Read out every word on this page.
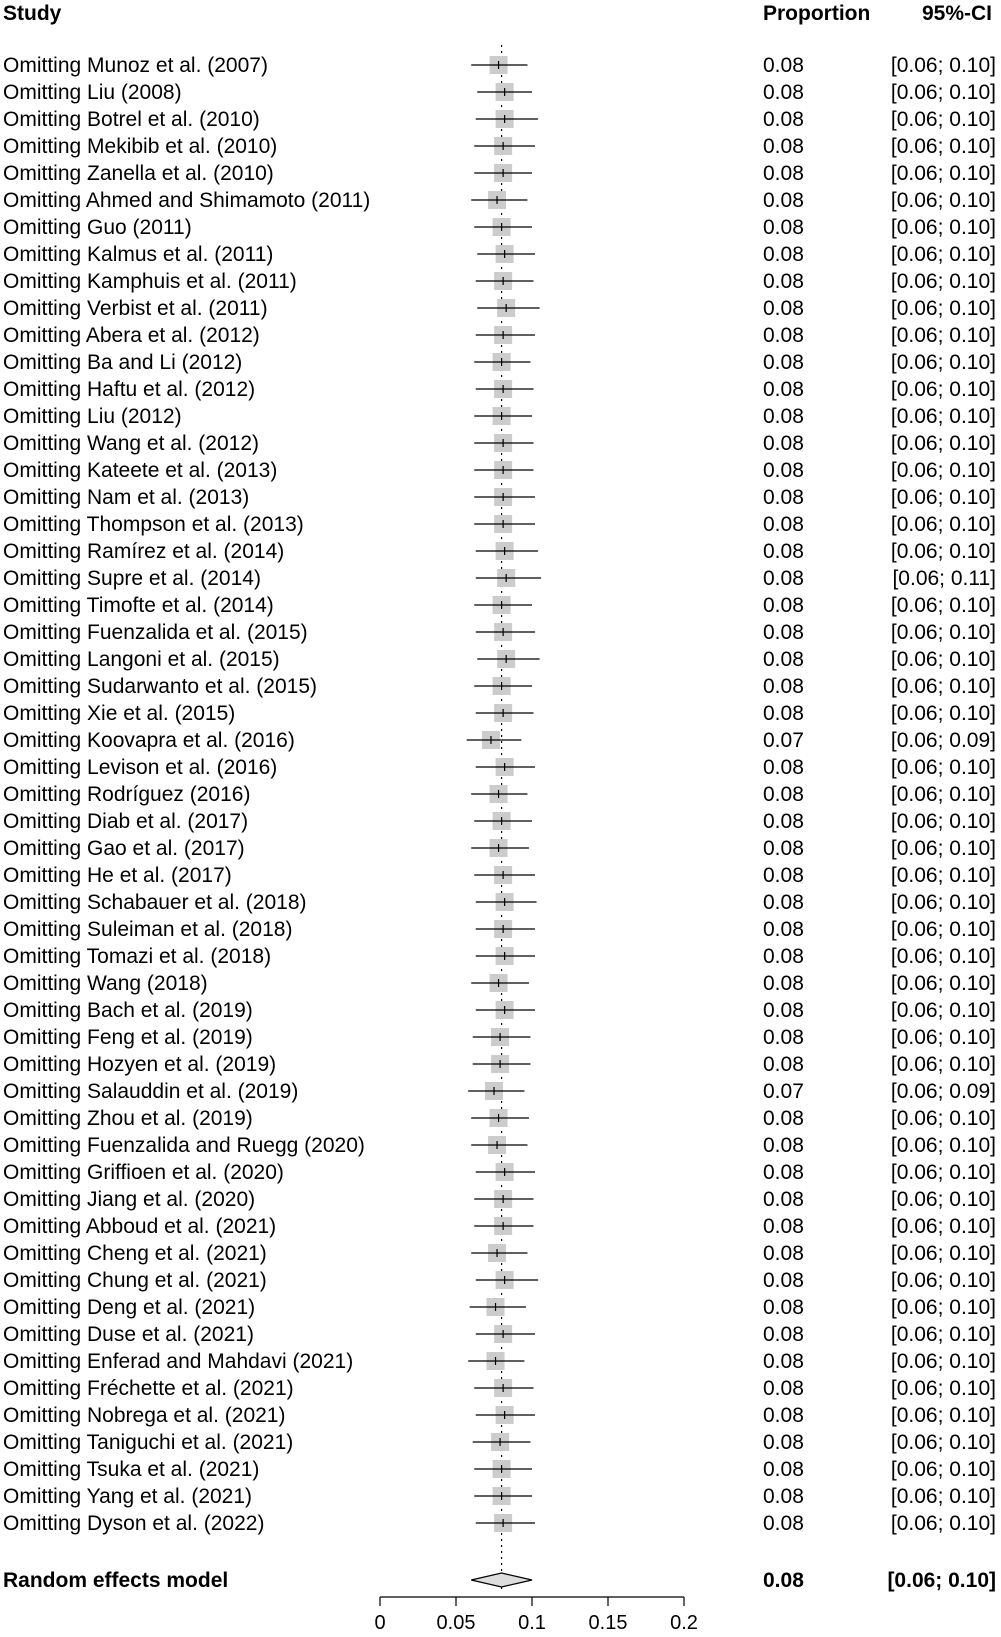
Study	Proportion 95%-CI
Omitting Munoz et al. (2007)	0.08	[0.06; 0.10]
Omitting Liu (2008)	0.08	[0.06; 0.10]
Omitting Botrel et al. (2010)	0.08	[0.06; 0.10]
Omitting Mekibib et al. (2010)	0.08	[0.06; 0.10]
Omitting Zanella et al. (2010)	0.08	[0.06; 0.10]
Omitting Ahmed and Shimamoto (2011)	0.08	[0.06; 0.10]
Omitting Guo (2011)	0.08	[0.06; 0.10]
Omitting Kalmus et al. (2011)	0.08	[0.06; 0.10]
Omitting Kamphuis et al. (2011)	0.08	[0.06; 0.10]
Omitting Verbist et al. (2011)	0.08	[0.06; 0.10]
Omitting Abera et al. (2012)	0.08	[0.06; 0.10]
Omitting Ba and Li (2012)	0.08	[0.06; 0.10]
Omitting Haftu et al. (2012)	0.08	[0.06; 0.10]
Omitting Liu (2012)	0.08	[0.06; 0.10]
Omitting Wang et al. (2012)	0.08	[0.06; 0.10]
Omitting Kateete et al. (2013)	0.08	[0.06; 0.10]
Omitting Nam et al. (2013)	0.08	[0.06; 0.10]
Omitting Thompson et al. (2013)	0.08	[0.06; 0.10]
Omitting Ramírez et al. (2014)	0.08	[0.06; 0.10]
Omitting Supre et al. (2014)	0.08	[0.06; 0.11]
Omitting Timofte et al. (2014)	0.08	[0.06; 0.10]
Omitting Fuenzalida et al. (2015)	0.08	[0.06; 0.10]
Omitting Langoni et al. (2015)	0.08	[0.06; 0.10]
Omitting Sudarwanto et al. (2015)	0.08	[0.06; 0.10]
Omitting Xie et al. (2015)	0.08	[0.06; 0.10]
Omitting Koovapra et al. (2016)	0.07	[0.06; 0.09]
Omitting Levison et al. (2016)	0.08	[0.06; 0.10]
Omitting Rodríguez (2016)	0.08	[0.06; 0.10]
Omitting Diab et al. (2017)	0.08	[0.06; 0.10]
Omitting Gao et al. (2017)	0.08	[0.06; 0.10]
Omitting He et al. (2017)	0.08	[0.06; 0.10]
Omitting Schabauer et al. (2018)	0.08	[0.06; 0.10]
Omitting Suleiman et al. (2018)	0.08	[0.06; 0.10]
Omitting Tomazi et al. (2018)	0.08	[0.06; 0.10]
Omitting Wang (2018)	0.08	[0.06; 0.10]
Omitting Bach et al. (2019)	0.08	[0.06; 0.10]
Omitting Feng et al. (2019)	0.08	[0.06; 0.10]
Omitting Hozyen et al. (2019)	0.08	[0.06; 0.10]
Omitting Salauddin et al. (2019)	0.07	[0.06; 0.09]
Omitting Zhou et al. (2019)	0.08	[0.06; 0.10]
Omitting Fuenzalida and Ruegg (2020)	0.08	[0.06; 0.10]
Omitting Griffioen et al. (2020)	0.08	[0.06; 0.10]
Omitting Jiang et al. (2020)	0.08	[0.06; 0.10]
Omitting Abboud et al. (2021)	0.08	[0.06; 0.10]
Omitting Cheng et al. (2021)	0.08	[0.06; 0.10]
Omitting Chung et al. (2021)	0.08	[0.06; 0.10]
Omitting Deng et al. (2021)	0.08	[0.06; 0.10]
Omitting Duse et al. (2021)	0.08	[0.06; 0.10]
Omitting Enferad and Mahdavi (2021)	0.08	[0.06; 0.10]
Omitting Fréchette et al. (2021)	0.08	[0.06; 0.10]
Omitting Nobrega et al. (2021)	0.08	[0.06; 0.10]
Omitting Taniguchi et al. (2021)	0.08	[0.06; 0.10]
Omitting Tsuka et al. (2021)	0.08	[0.06; 0.10]
Omitting Yang et al. (2021)	0.08	[0.06; 0.10]
Omitting Dyson et al. (2022)	0.08	[0.06; 0.10]
Random effects model	0.08	[0.06; 0.10]
0	0.05 0.1 0.15 0.2
